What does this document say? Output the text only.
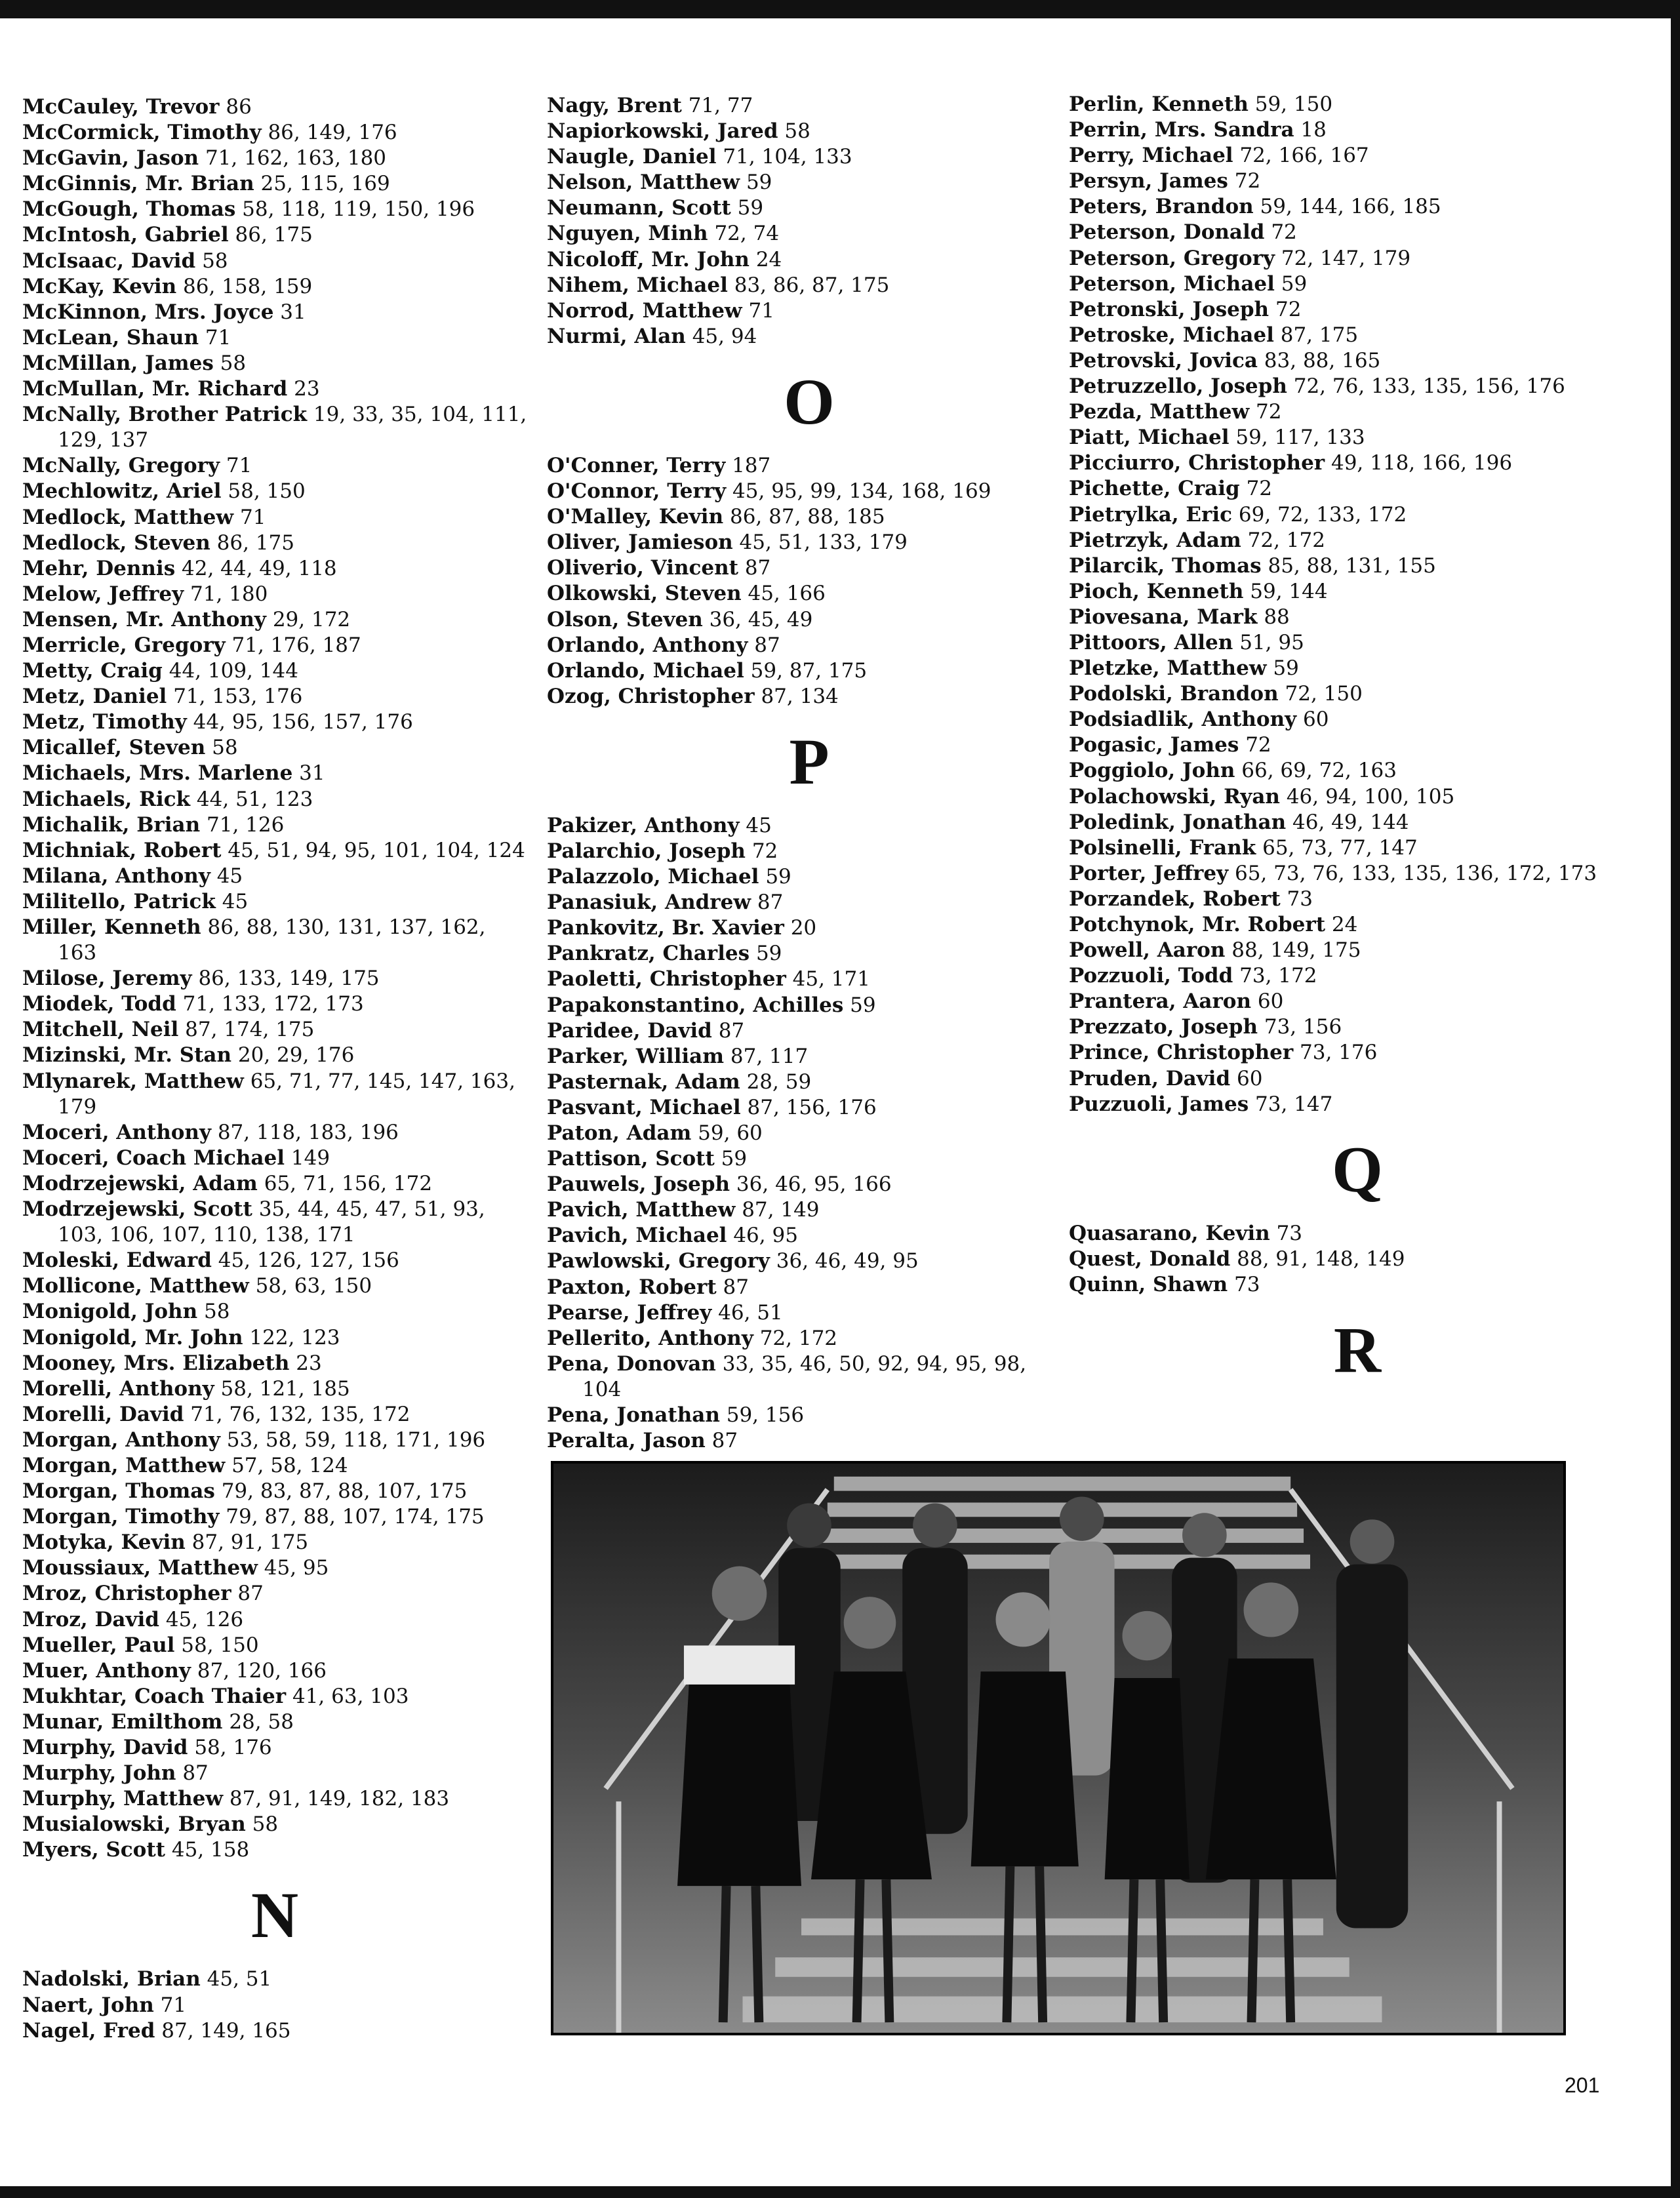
McCauley, Trevor 86
McCormick, Timothy 86, 149, 176
McGavin, Jason 71, 162, 163, 180
McGinnis, Mr. Brian 25, 115, 169
McGough, Thomas 58, 118, 119, 150, 196
McIntosh, Gabriel 86, 175
McIsaac, David 58
McKay, Kevin 86, 158, 159
McKinnon, Mrs. Joyce 31
McLean, Shaun 71
McMillan, James 58
McMullan, Mr. Richard 23
McNally, Brother Patrick 19, 33, 35, 104, 111, 129, 137
McNally, Gregory 71
Mechlowitz, Ariel 58, 150
Medlock, Matthew 71
Medlock, Steven 86, 175
Mehr, Dennis 42, 44, 49, 118
Melow, Jeffrey 71, 180
Mensen, Mr. Anthony 29, 172
Merricle, Gregory 71, 176, 187
Metty, Craig 44, 109, 144
Metz, Daniel 71, 153, 176
Metz, Timothy 44, 95, 156, 157, 176
Micallef, Steven 58
Michaels, Mrs. Marlene 31
Michaels, Rick 44, 51, 123
Michalik, Brian 71, 126
Michniak, Robert 45, 51, 94, 95, 101, 104, 124
Milana, Anthony 45
Militello, Patrick 45
Miller, Kenneth 86, 88, 130, 131, 137, 162, 163
Milose, Jeremy 86, 133, 149, 175
Miodek, Todd 71, 133, 172, 173
Mitchell, Neil 87, 174, 175
Mizinski, Mr. Stan 20, 29, 176
Mlynarek, Matthew 65, 71, 77, 145, 147, 163, 179
Moceri, Anthony 87, 118, 183, 196
Moceri, Coach Michael 149
Modrzejewski, Adam 65, 71, 156, 172
Modrzejewski, Scott 35, 44, 45, 47, 51, 93, 103, 106, 107, 110, 138, 171
Moleski, Edward 45, 126, 127, 156
Mollicone, Matthew 58, 63, 150
Monigold, John 58
Monigold, Mr. John 122, 123
Mooney, Mrs. Elizabeth 23
Morelli, Anthony 58, 121, 185
Morelli, David 71, 76, 132, 135, 172
Morgan, Anthony 53, 58, 59, 118, 171, 196
Morgan, Matthew 57, 58, 124
Morgan, Thomas 79, 83, 87, 88, 107, 175
Morgan, Timothy 79, 87, 88, 107, 174, 175
Motyka, Kevin 87, 91, 175
Moussiaux, Matthew 45, 95
Mroz, Christopher 87
Mroz, David 45, 126
Mueller, Paul 58, 150
Muer, Anthony 87, 120, 166
Mukhtar, Coach Thaier 41, 63, 103
Munar, Emilthom 28, 58
Murphy, David 58, 176
Murphy, John 87
Murphy, Matthew 87, 91, 149, 182, 183
Musialowski, Bryan 58
Myers, Scott 45, 158
N
Nadolski, Brian 45, 51
Naert, John 71
Nagel, Fred 87, 149, 165
Nagy, Brent 71, 77
Napiorkowski, Jared 58
Naugle, Daniel 71, 104, 133
Nelson, Matthew 59
Neumann, Scott 59
Nguyen, Minh 72, 74
Nicoloff, Mr. John 24
Nihem, Michael 83, 86, 87, 175
Norrod, Matthew 71
Nurmi, Alan 45, 94
O
O'Conner, Terry 187
O'Connor, Terry 45, 95, 99, 134, 168, 169
O'Malley, Kevin 86, 87, 88, 185
Oliver, Jamieson 45, 51, 133, 179
Oliverio, Vincent 87
Olkowski, Steven 45, 166
Olson, Steven 36, 45, 49
Orlando, Anthony 87
Orlando, Michael 59, 87, 175
Ozog, Christopher 87, 134
P
Pakizer, Anthony 45
Palarchio, Joseph 72
Palazzolo, Michael 59
Panasiuk, Andrew 87
Pankovitz, Br. Xavier 20
Pankratz, Charles 59
Paoletti, Christopher 45, 171
Papakonstantino, Achilles 59
Paridee, David 87
Parker, William 87, 117
Pasternak, Adam 28, 59
Pasvant, Michael 87, 156, 176
Paton, Adam 59, 60
Pattison, Scott 59
Pauwels, Joseph 36, 46, 95, 166
Pavich, Matthew 87, 149
Pavich, Michael 46, 95
Pawlowski, Gregory 36, 46, 49, 95
Paxton, Robert 87
Pearse, Jeffrey 46, 51
Pellerito, Anthony 72, 172
Pena, Donovan 33, 35, 46, 50, 92, 94, 95, 98, 104
Pena, Jonathan 59, 156
Peralta, Jason 87
Perlin, Kenneth 59, 150
Perrin, Mrs. Sandra 18
Perry, Michael 72, 166, 167
Persyn, James 72
Peters, Brandon 59, 144, 166, 185
Peterson, Donald 72
Peterson, Gregory 72, 147, 179
Peterson, Michael 59
Petronski, Joseph 72
Petroske, Michael 87, 175
Petrovski, Jovica 83, 88, 165
Petruzzello, Joseph 72, 76, 133, 135, 156, 176
Pezda, Matthew 72
Piatt, Michael 59, 117, 133
Picciurro, Christopher 49, 118, 166, 196
Pichette, Craig 72
Pietrylka, Eric 69, 72, 133, 172
Pietrzyk, Adam 72, 172
Pilarcik, Thomas 85, 88, 131, 155
Pioch, Kenneth 59, 144
Piovesana, Mark 88
Pittoors, Allen 51, 95
Pletzke, Matthew 59
Podolski, Brandon 72, 150
Podsiadlik, Anthony 60
Pogasic, James 72
Poggiolo, John 66, 69, 72, 163
Polachowski, Ryan 46, 94, 100, 105
Poledink, Jonathan 46, 49, 144
Polsinelli, Frank 65, 73, 77, 147
Porter, Jeffrey 65, 73, 76, 133, 135, 136, 172, 173
Porzandek, Robert 73
Potchynok, Mr. Robert 24
Powell, Aaron 88, 149, 175
Pozzuoli, Todd 73, 172
Prantera, Aaron 60
Prezzato, Joseph 73, 156
Prince, Christopher 73, 176
Pruden, David 60
Puzzuoli, James 73, 147
Q
Quasarano, Kevin 73
Quest, Donald 88, 91, 148, 149
Quinn, Shawn 73
R
201
